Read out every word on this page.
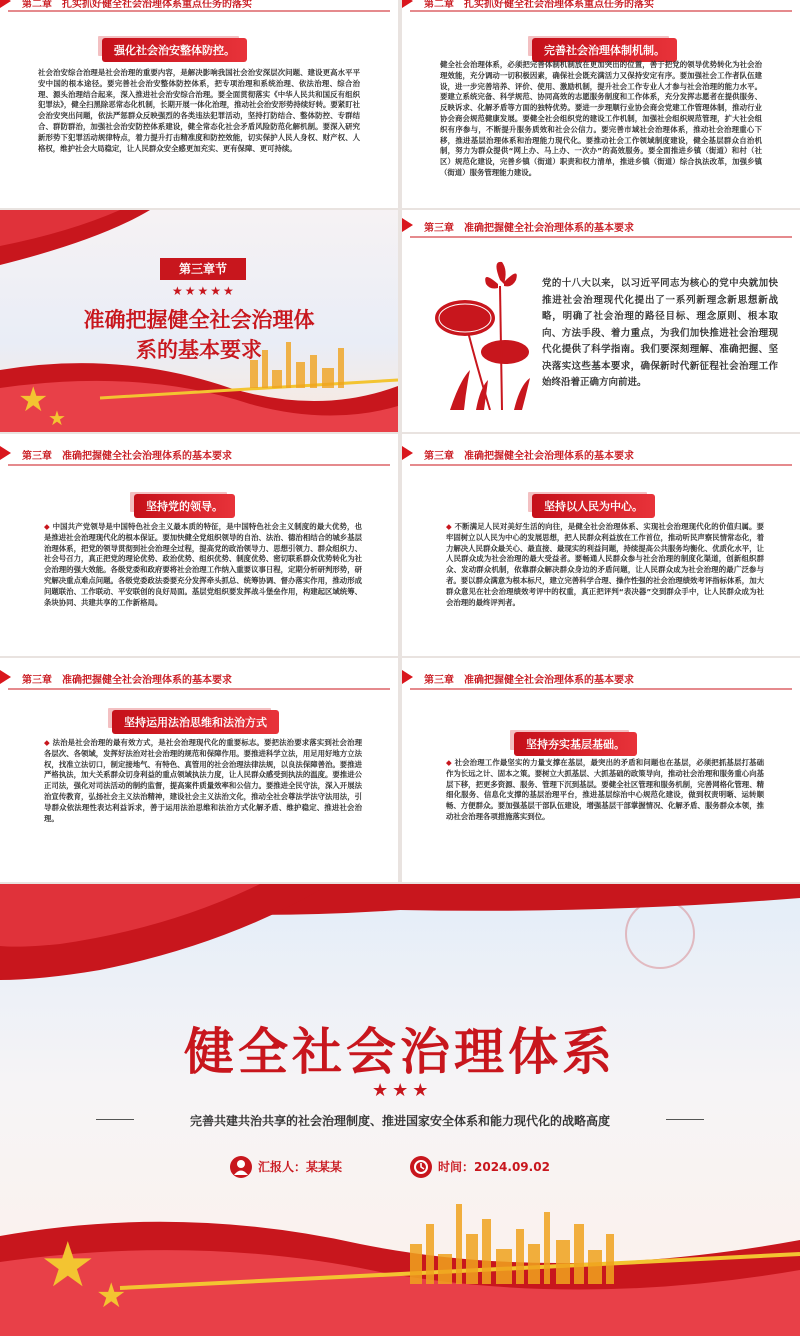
第二章　扎实抓好健全社会治理体系重点任务的落实
强化社会治安整体防控。
社会治安综合治理是社会治理的重要内容，是解决影响我国社会治安深层次问题、建设更高水平平安中国的根本途径。要完善社会治安整体防控体系，把专项治理和系统治理、依法治理、综合治理、源头治理结合起来，深入推进社会治安综合治理。要全面贯彻落实《中华人民共和国反有组织犯罪法》，健全扫黑除恶常态化机制，长期开展一体化治理，推动社会治安形势持续好转。要紧盯社会治安突出问题，依法严惩群众反映强烈的各类违法犯罪活动，坚持打防结合、整体防控、专群结合、群防群治，加强社会治安防控体系建设，健全常态化社会矛盾风险防范化解机制。要深入研究新形势下犯罪活动规律特点，着力提升打击精准度和防控效能，切实保护人民人身权、财产权、人格权，维护社会大局稳定，让人民群众安全感更加充实、更有保障、更可持续。
第二章　扎实抓好健全社会治理体系重点任务的落实
完善社会治理体制机制。
健全社会治理体系，必须把完善体制机制放在更加突出的位置，善于把党的领导优势转化为社会治理效能，充分调动一切积极因素，确保社会既充满活力又保持安定有序。要加强社会工作者队伍建设，进一步完善培养、评价、使用、激励机制，提升社会工作专业人才参与社会治理的能力水平。要建立系统完备、科学规范、协同高效的志愿服务制度和工作体系，充分发挥志愿者在提供服务、反映诉求、化解矛盾等方面的独特优势。要进一步理顺行业协会商会党建工作管理体制，推动行业协会商会规范健康发展。要健全社会组织党的建设工作机制，加强社会组织规范管理，扩大社会组织有序参与，不断提升服务质效和社会公信力。要完善市域社会治理体系，推动社会治理重心下移，推进基层治理体系和治理能力现代化。要推动社会工作领域制度建设，健全基层群众自治机制，努力为群众提供“网上办、马上办、一次办”的高效服务。要全面推进乡镇（街道）和村（社区）规范化建设，完善乡镇（街道）职责和权力清单，推进乡镇（街道）综合执法改革，加强乡镇（街道）服务管理能力建设。
第三章节
★★★★★
准确把握健全社会治理体
系的基本要求
★ ★
第三章　准确把握健全社会治理体系的基本要求
党的十八大以来，以习近平同志为核心的党中央就加快推进社会治理现代化提出了一系列新理念新思想新战略，明确了社会治理的路径目标、理念原则、根本取向、方法手段、着力重点，为我们加快推进社会治理现代化提供了科学指南。我们要深刻理解、准确把握、坚决落实这些基本要求，确保新时代新征程社会治理工作始终沿着正确方向前进。
第三章　准确把握健全社会治理体系的基本要求
坚持党的领导。
◆ 中国共产党领导是中国特色社会主义最本质的特征，是中国特色社会主义制度的最大优势，也是推进社会治理现代化的根本保证。要加快健全党组织领导的自治、法治、德治相结合的城乡基层治理体系，把党的领导贯彻到社会治理全过程，提高党的政治领导力、思想引领力、群众组织力、社会号召力，真正把党的理论优势、政治优势、组织优势、制度优势、密切联系群众优势转化为社会治理的强大效能。各级党委和政府要将社会治理工作纳入重要议事日程，定期分析研判形势，研究解决重点难点问题。各级党委政法委要充分发挥牵头抓总、统筹协调、督办落实作用，推动形成问题联治、工作联动、平安联创的良好局面。基层党组织要发挥战斗堡垒作用，构建起区域统筹、条块协同、共建共享的工作新格局。
第三章　准确把握健全社会治理体系的基本要求
坚持以人民为中心。
◆ 不断满足人民对美好生活的向往，是健全社会治理体系、实现社会治理现代化的价值归属。要牢固树立以人民为中心的发展思想，把人民群众利益放在工作首位，推动听民声察民情常态化，着力解决人民群众最关心、最直接、最现实的利益问题，持续提高公共服务均衡化、优质化水平，让人民群众成为社会治理的最大受益者。要畅通人民群众参与社会治理的制度化渠道，创新组织群众、发动群众机制，依靠群众解决群众身边的矛盾问题，让人民群众成为社会治理的最广泛参与者。要以群众满意为根本标尺，建立完善科学合理、操作性强的社会治理绩效考评指标体系，加大群众意见在社会治理绩效考评中的权重，真正把评判“表决器”交到群众手中，让人民群众成为社会治理的最终评判者。
第三章　准确把握健全社会治理体系的基本要求
坚持运用法治思维和法治方式
◆ 法治是社会治理的最有效方式，是社会治理现代化的重要标志。要把法治要求落实到社会治理各层次、各领域，发挥好法治对社会治理的规范和保障作用。要推进科学立法，用足用好地方立法权，找准立法切口，制定接地气、有特色、真管用的社会治理法律法规，以良法保障善治。要推进严格执法，加大关系群众切身利益的重点领域执法力度，让人民群众感受到执法的温度。要推进公正司法，强化对司法活动的制约监督，提高案件质量效率和公信力。要推进全民守法，深入开展法治宣传教育，弘扬社会主义法治精神，建设社会主义法治文化，推动全社会尊法学法守法用法，引导群众依法理性表达利益诉求，善于运用法治思维和法治方式化解矛盾、维护稳定、推进社会治理。
第三章　准确把握健全社会治理体系的基本要求
坚持夯实基层基础。
◆ 社会治理工作最坚实的力量支撑在基层，最突出的矛盾和问题也在基层，必须把抓基层打基础作为长远之计、固本之策。要树立大抓基层、大抓基础的政策导向，推动社会治理和服务重心向基层下移，把更多资源、服务、管理下沉到基层。要健全社区管理和服务机制，完善网格化管理、精细化服务、信息化支撑的基层治理平台，推进基层综治中心规范化建设，做到权责明晰、运转顺畅、方便群众。要加强基层干部队伍建设，增强基层干部掌握情况、化解矛盾、服务群众本领，推动社会治理各项措施落实到位。
健全社会治理体系
★★★
完善共建共治共享的社会治理制度、推进国家安全体系和能力现代化的战略高度
汇报人：某某某	时间：2024.09.02
★ ★
